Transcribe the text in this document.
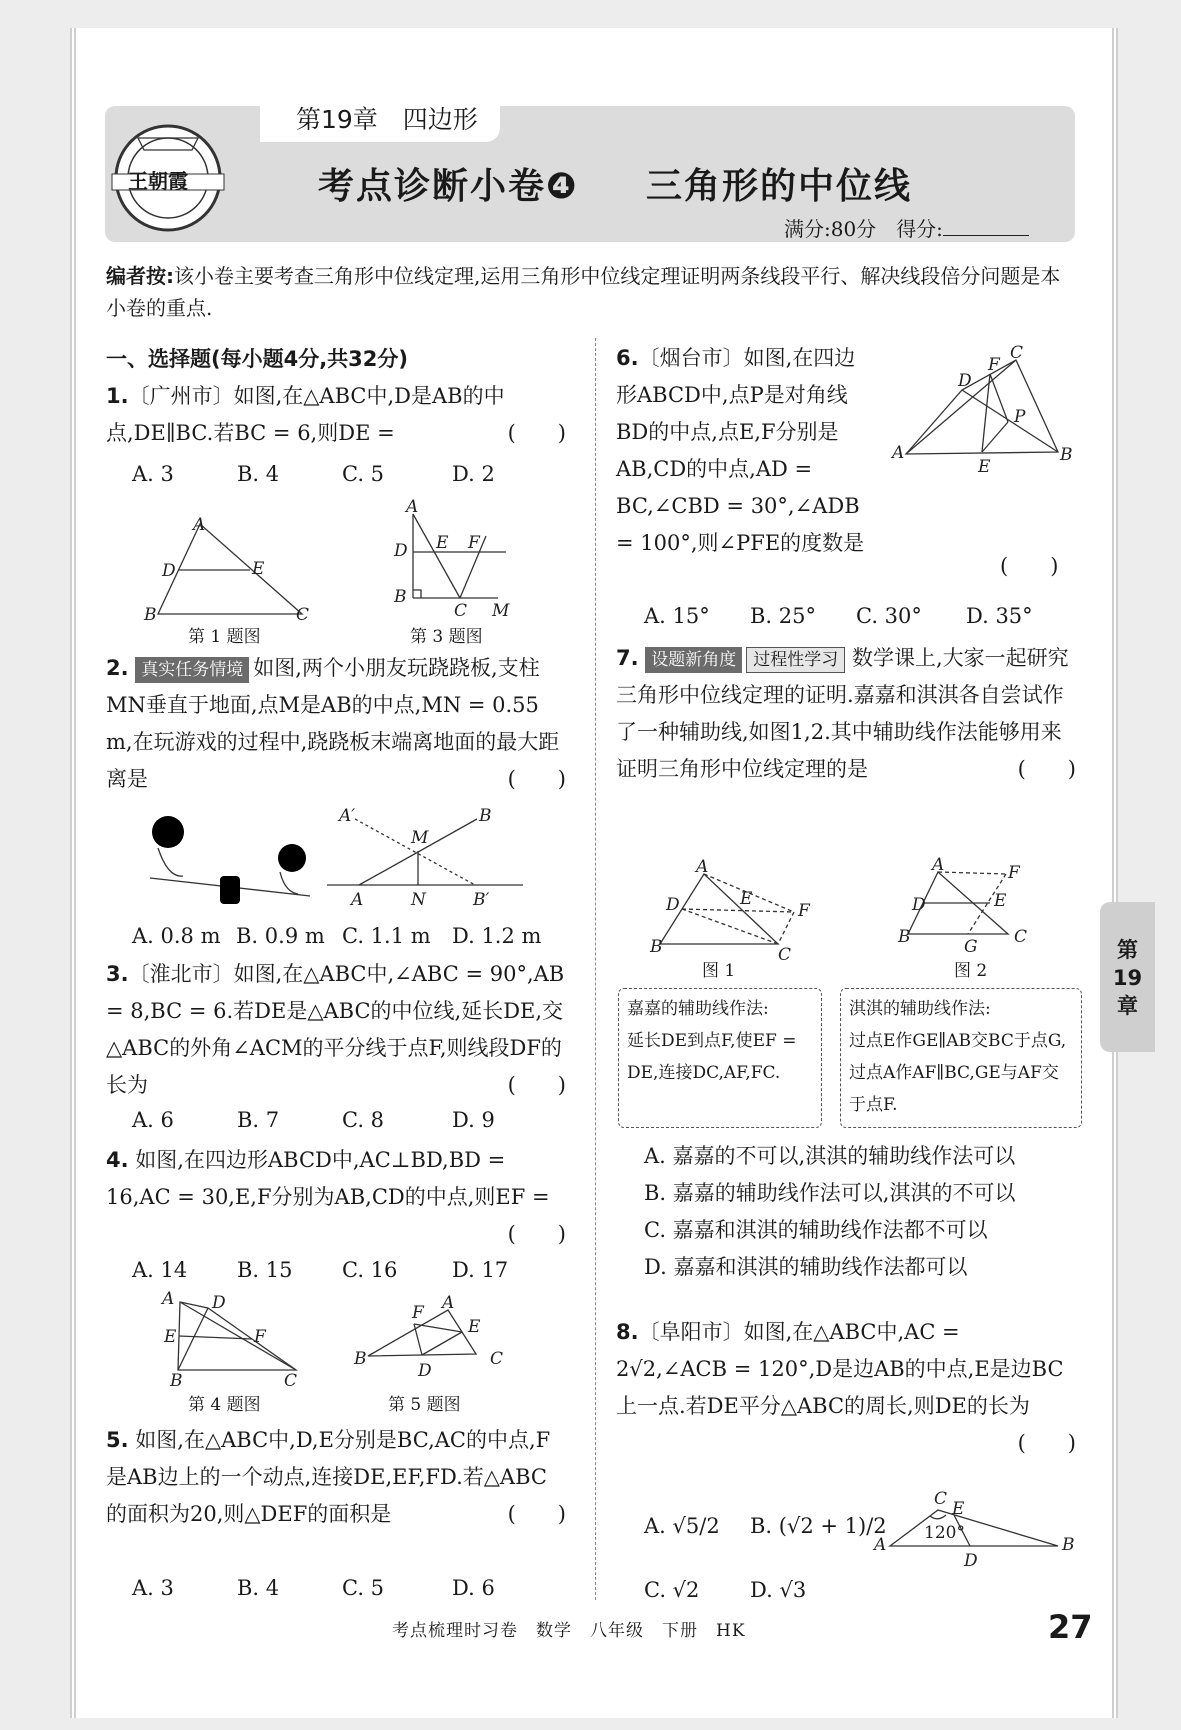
第19章　四边形
王朝霞	考点诊断小卷❹ 三角形的中位线
满分:80分　 得分:
编者按:该小卷主要考查三角形中位线定理,运用三角形中位线定理证明两条线段平行、解决线段倍分问题是本小卷的重点.
一、选择题(每小题4分,共32分)
1.〔广州市〕如图,在△ABC中,D是AB的中点,DE∥BC.若BC = 6,则DE =	(　　)
A. 3	B. 4	C. 5	D. 2
A
D	E
B	C
第 1 题图
A
D E F
B
C M
第 3 题图
2. 真实任务情境 如图,两个小朋友玩跷跷板,支柱MN垂直于地面,点M是AB的中点,MN = 0.55 m,在玩游戏的过程中,跷跷板末端离地面的最大距离是	(　　)
A′
M
B
A	N	B′
A. 0.8 m B. 0.9 m C. 1.1 m	D. 1.2 m
3.〔淮北市〕如图,在△ABC中,∠ABC = 90°,AB = 8,BC = 6.若DE是△ABC的中位线,延长DE,交△ABC的外角∠ACM的平分线于点F,则线段DF的长为	(　　)
A. 6	B. 7	C. 8	D. 9
4. 如图,在四边形ABCD中,AC⊥BD,BD = 16,AC = 30,E,F分别为AB,CD的中点,则EF =
(　　)
A. 14	B. 15	C. 16	D. 17
A D
E	F
B	C
第 4 题图
B
A
F
E
D
C
第 5 题图
5. 如图,在△ABC中,D,E分别是BC,AC的中点,F是AB边上的一个动点,连接DE,EF,FD.若△ABC的面积为20,则△DEF的面积是	(　　)
A. 3	B. 4	C. 5	D. 6
6.〔烟台市〕如图,在四边形ABCD中,点P是对角线BD的中点,点E,F分别是AB,CD的中点,AD = BC,∠CBD = 30°,∠ADB = 100°,则∠PFE的度数是
(　　)
A
D
F
C
P
E
B
A. 15°	B. 25°	C. 30°	D. 35°
7. 设题新角度 过程性学习 数学课上,大家一起研究三角形中位线定理的证明.嘉嘉和淇淇各自尝试作了一种辅助线,如图1,2.其中辅助线作法能够用来证明三角形中位线定理的是	(　　)
A
D	E
F
B	C
图 1
A	F
D	E
B	G C
图 2
嘉嘉的辅助线作法:
延长DE到点F,使EF = DE,连接DC,AF,FC.
淇淇的辅助线作法:
过点E作GE∥AB交BC于点G,过点A作AF∥BC,GE与AF交于点F.
A. 嘉嘉的不可以,淇淇的辅助线作法可以
B. 嘉嘉的辅助线作法可以,淇淇的不可以
C. 嘉嘉和淇淇的辅助线作法都不可以
D. 嘉嘉和淇淇的辅助线作法都可以
8.〔阜阳市〕如图,在△ABC中,AC = 2√2,∠ACB = 120°,D是边AB的中点,E是边BC上一点.若DE平分△ABC的周长,则DE的长为
(　　)
A. √5/2	B. (√2 + 1)/2
C. √2	D. √3
A
C E
120°
B
D
第
19
章
考点梳理时习卷　数学　八年级　下册　HK	27
